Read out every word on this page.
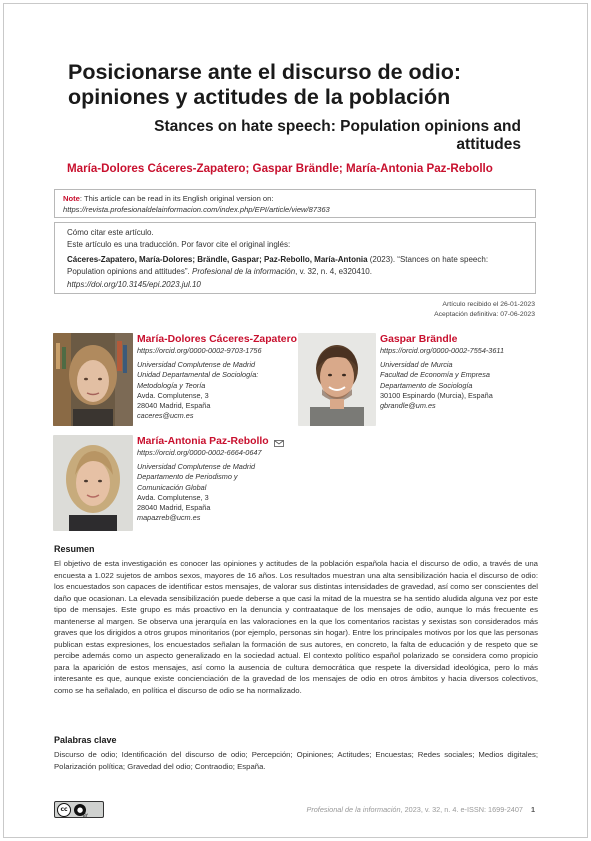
Posicionarse ante el discurso de odio: opiniones y actitudes de la población
Stances on hate speech: Population opinions and attitudes
María-Dolores Cáceres-Zapatero; Gaspar Brändle; María-Antonia Paz-Rebollo
Note: This article can be read in its English original version on:
https://revista.profesionaldelainformacion.com/index.php/EPI/article/view/87363
Cómo citar este artículo.
Este artículo es una traducción. Por favor cite el original inglés:
Cáceres-Zapatero, María-Dolores; Brändle, Gaspar; Paz-Rebollo, María-Antonia (2023). “Stances on hate speech: Population opinions and attitudes”. Profesional de la información, v. 32, n. 4, e320410.
https://doi.org/10.3145/epi.2023.jul.10
Artículo recibido el 26-01-2023
Aceptación definitiva: 07-06-2023
María-Dolores Cáceres-Zapatero
https://orcid.org/0000-0002-9703-1756
Universidad Complutense de Madrid
Unidad Departamental de Sociología:
Metodología y Teoría
Avda. Complutense, 3
28040 Madrid, España
caceres@ucm.es
Gaspar Brändle
https://orcid.org/0000-0002-7554-3611
Universidad de Murcia
Facultad de Economía y Empresa
Departamento de Sociología
30100 Espinardo (Murcia), España
gbrandle@um.es
María-Antonia Paz-Rebollo
https://orcid.org/0000-0002-6664-0647
Universidad Complutense de Madrid
Departamento de Periodismo y
Comunicación Global
Avda. Complutense, 3
28040 Madrid, España
mapazreb@ucm.es
Resumen

El objetivo de esta investigación es conocer las opiniones y actitudes de la población española hacia el discurso de odio, a través de una encuesta a 1.022 sujetos de ambos sexos, mayores de 16 años. Los resultados muestran una alta sensibilización hacia el discurso de odio: los encuestados son capaces de identificar estos mensajes, de valorar sus distintas intensidades de gravedad, así como ser conscientes del daño que ocasionan. La elevada sensibilización puede deberse a que casi la mitad de la muestra se ha sentido aludida alguna vez por este tipo de mensajes. Este grupo es más proactivo en la denuncia y contraataque de los mensajes de odio, aunque lo más frecuente es mantenerse al margen. Se observa una jerarquía en las valoraciones en la que los comentarios racistas y sexistas son considerados más graves que los dirigidos a otros grupos minoritarios (por ejemplo, personas sin hogar). Entre los principales motivos por los que las personas publican estas expresiones, los encuestados señalan la formación de sus autores, en concreto, la falta de educación y de respeto que se percibe además como un aspecto generalizado en la sociedad actual. El contexto político español polarizado se considera como propicio para la aparición de estos mensajes, así como la ausencia de cultura democrática que respete la diversidad ideológica, pero lo más interesante es que, aunque existe concienciación de la gravedad de los mensajes de odio en otros ámbitos y hacia diversos colectivos, como se ha señalado, en política el discurso de odio se ha normalizado.

Palabras clave

Discurso de odio; Identificación del discurso de odio; Percepción; Opiniones; Actitudes; Encuestas; Redes sociales; Medios digitales; Polarización política; Gravedad del odio; Contraodio; España.

cc	●
BY
Profesional de la información, 2023, v. 32, n. 4. e-ISSN: 1699-2407 1
